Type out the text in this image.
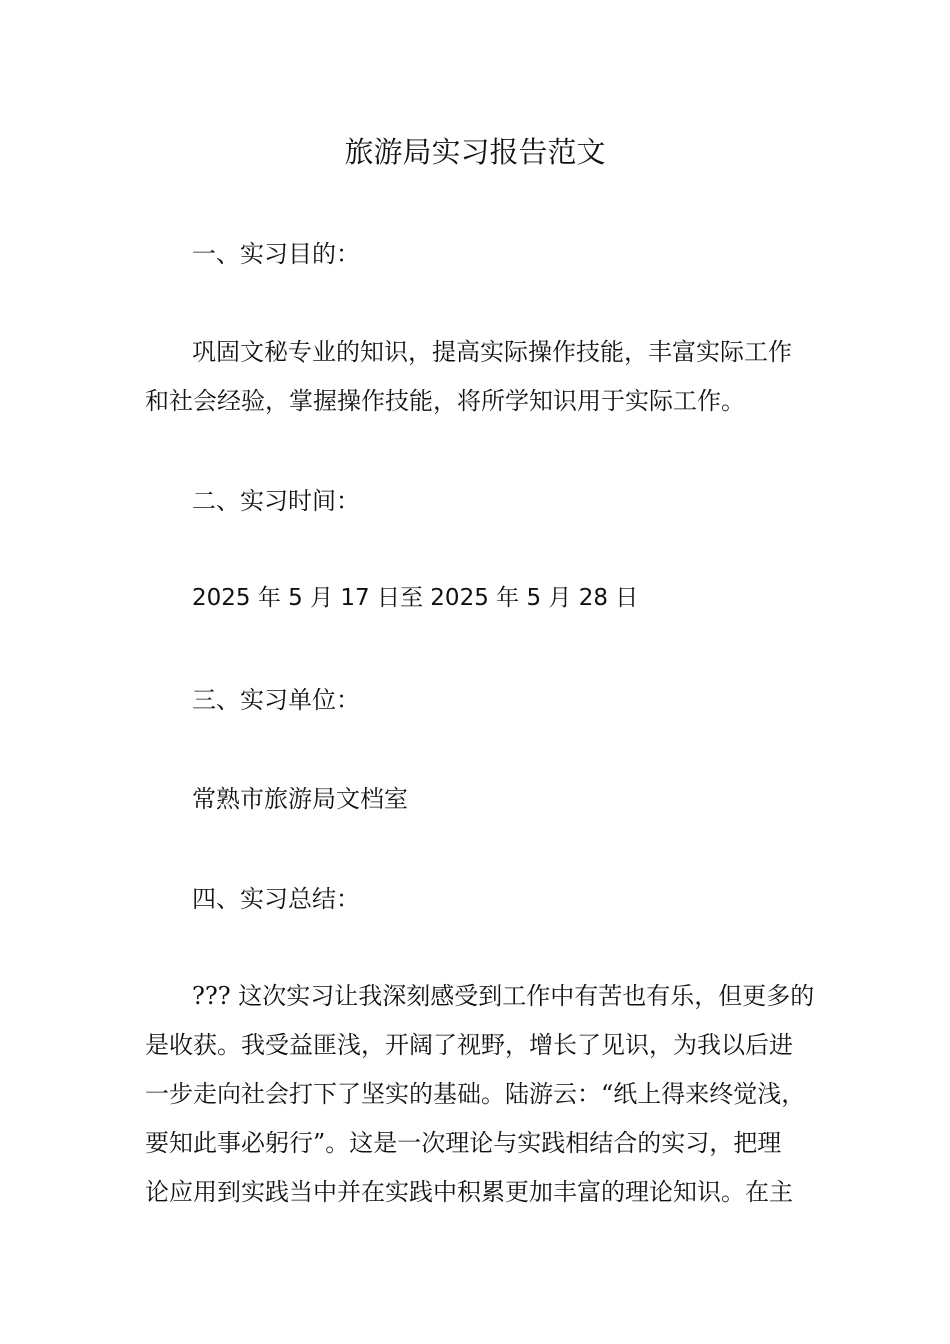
旅游局实习报告范文
一、实习目的：
巩固文秘专业的知识，提高实际操作技能，丰富实际工作
和社会经验，掌握操作技能，将所学知识用于实际工作。
二、实习时间：
2025 年 5 月 17 日至 2025 年 5 月 28 日
三、实习单位：
常熟市旅游局文档室
四、实习总结：
??? 这次实习让我深刻感受到工作中有苦也有乐，但更多的
是收获。我受益匪浅，开阔了视野，增长了见识，为我以后进
一步走向社会打下了坚实的基础。陆游云：“纸上得来终觉浅，
要知此事必躬行”。这是一次理论与实践相结合的实习，把理
论应用到实践当中并在实践中积累更加丰富的理论知识。在主
